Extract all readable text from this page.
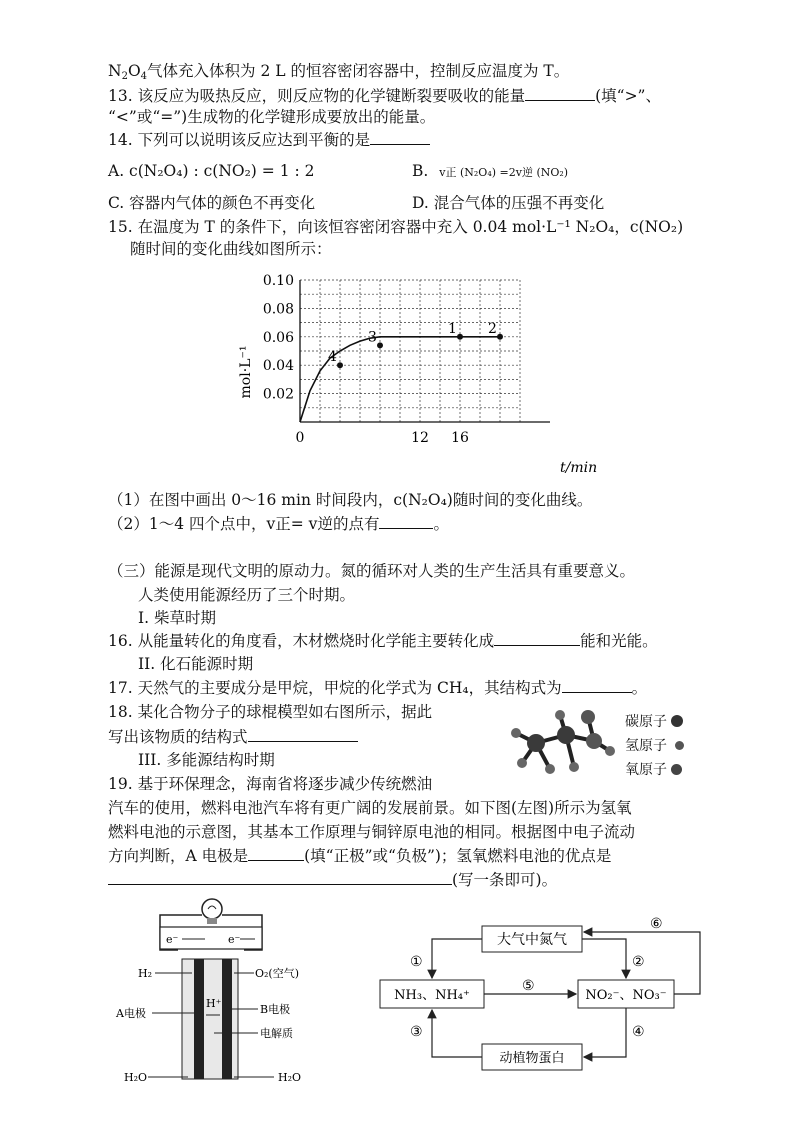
$N_2O_4$气体充入体积为 2 L 的恒容密闭容器中，控制反应温度为 T。
13. 该反应为吸热反应，则反应物的化学键断裂要吸收的能量	(填“>”、
“<”或“=”)生成物的化学键形成要放出的能量。
14. 下列可以说明该反应达到平衡的是
A. c(N₂O₄) : c(NO₂) = 1 : 2	B. v正 (N₂O₄) =2v逆 (NO₂)
C. 容器内气体的颜色不再变化	D. 混合气体的压强不再变化
15. 在温度为 T 的条件下，向该恒容密闭容器中充入 0.04 mol·L⁻¹ N₂O₄，c(NO₂)
随时间的变化曲线如图所示：
0.10
0.08
0.06
0.04
0.02
0	12 16
4
3
1 2
mol·L⁻¹
t/min
（1）在图中画出 0～16 min 时间段内，c(N₂O₄)随时间的变化曲线。
（2）1～4 四个点中，v正= v逆的点有	。
（三）能源是现代文明的原动力。氮的循环对人类的生产生活具有重要意义。
人类使用能源经历了三个时期。
I. 柴草时期
16. 从能量转化的角度看，木材燃烧时化学能主要转化成	能和光能。
II. 化石能源时期
17. 天然气的主要成分是甲烷，甲烷的化学式为 CH₄，其结构式为	。
18. 某化合物分子的球棍模型如右图所示，据此
写出该物质的结构式
III. 多能源结构时期
碳原子
氢原子
氧原子
19. 基于环保理念，海南省将逐步减少传统燃油
汽车的使用，燃料电池汽车将有更广阔的发展前景。如下图(左图)所示为氢氧
燃料电池的示意图，其基本工作原理与铜锌原电池的相同。根据图中电子流动
方向判断，A 电极是	(填“正极”或“负极”)；氢氧燃料电池的优点是
(写一条即可)。
e⁻	e⁻
H₂	O₂(空气)
A电极
H⁺	B电极
电解质
H₂O	H₂O
大气中氮气
NH₃、NH₄⁺	NO₂⁻、NO₃⁻
动植物蛋白
①	②
③	④
⑤
⑥
